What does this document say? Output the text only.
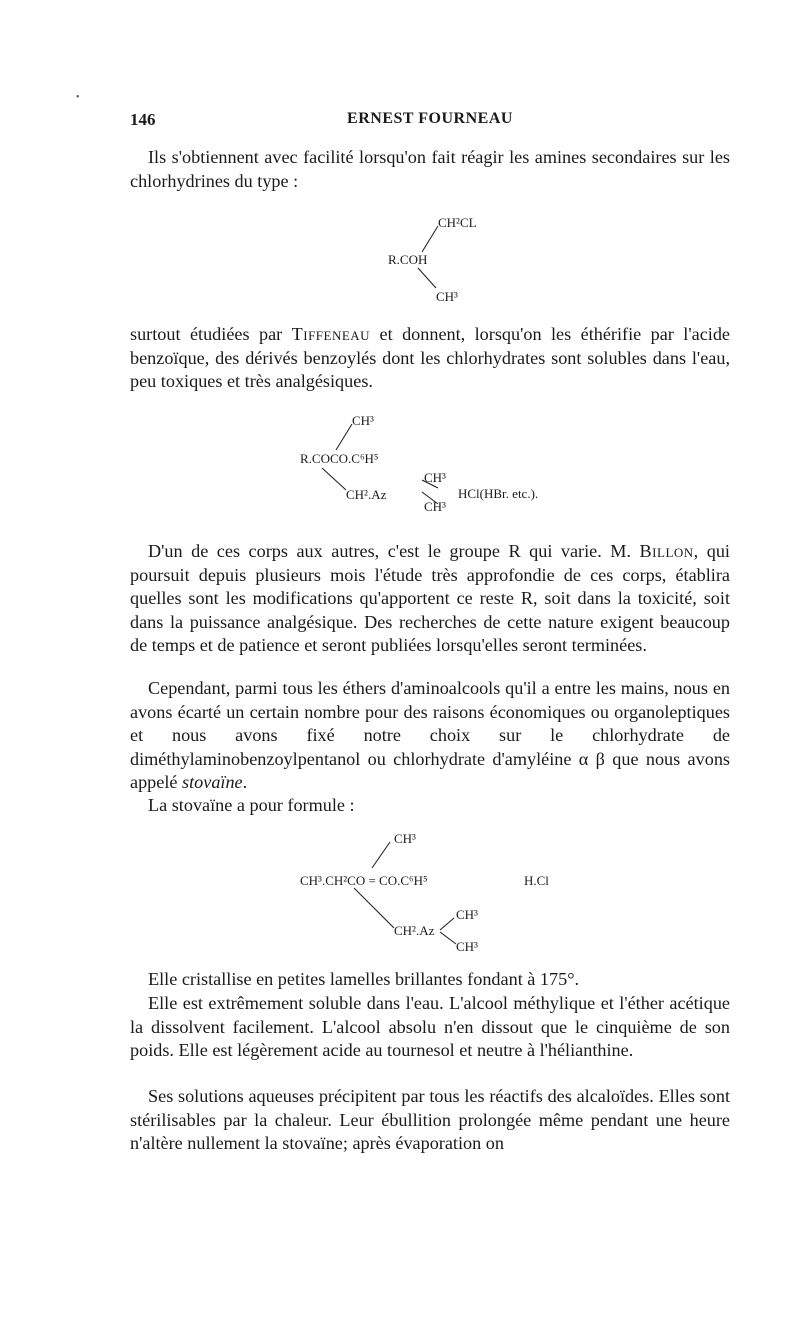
•
146	ERNEST FOURNEAU

Ils s'obtiennent avec facilité lorsqu'on fait réagir les amines secondaires sur les chlorhydrines du type :

CH²CL
R.COH
CH³

surtout étudiées par Tiffeneau et donnent, lorsqu'on les éthérifie par l'acide benzoïque, des dérivés benzoylés dont les chlorhydrates sont solubles dans l'eau, peu toxiques et très analgésiques.

CH³
R.COCO.C⁶H⁵
CH².Az
CH³
CH³
HCl(HBr. etc.).

D'un de ces corps aux autres, c'est le groupe R qui varie. M. Billon, qui poursuit depuis plusieurs mois l'étude très approfondie de ces corps, établira quelles sont les modifications qu'apportent ce reste R, soit dans la toxicité, soit dans la puissance analgésique. Des recherches de cette nature exigent beaucoup de temps et de patience et seront publiées lorsqu'elles seront terminées.

Cependant, parmi tous les éthers d'aminoalcools qu'il a entre les mains, nous en avons écarté un certain nombre pour des raisons économiques ou organoleptiques et nous avons fixé notre choix sur le chlorhydrate de diméthylaminobenzoylpentanol ou chlorhydrate d'amyléine α β que nous avons appelé stovaïne.

La stovaïne a pour formule :

CH³
CH³.CH²CO = CO.C⁶H⁵	H.Cl
CH².Az
CH³
CH³

Elle cristallise en petites lamelles brillantes fondant à 175°.

Elle est extrêmement soluble dans l'eau. L'alcool méthylique et l'éther acétique la dissolvent facilement. L'alcool absolu n'en dissout que le cinquième de son poids. Elle est légèrement acide au tournesol et neutre à l'hélianthine.

Ses solutions aqueuses précipitent par tous les réactifs des alcaloïdes. Elles sont stérilisables par la chaleur. Leur ébullition prolongée même pendant une heure n'altère nullement la stovaïne; après évaporation on
